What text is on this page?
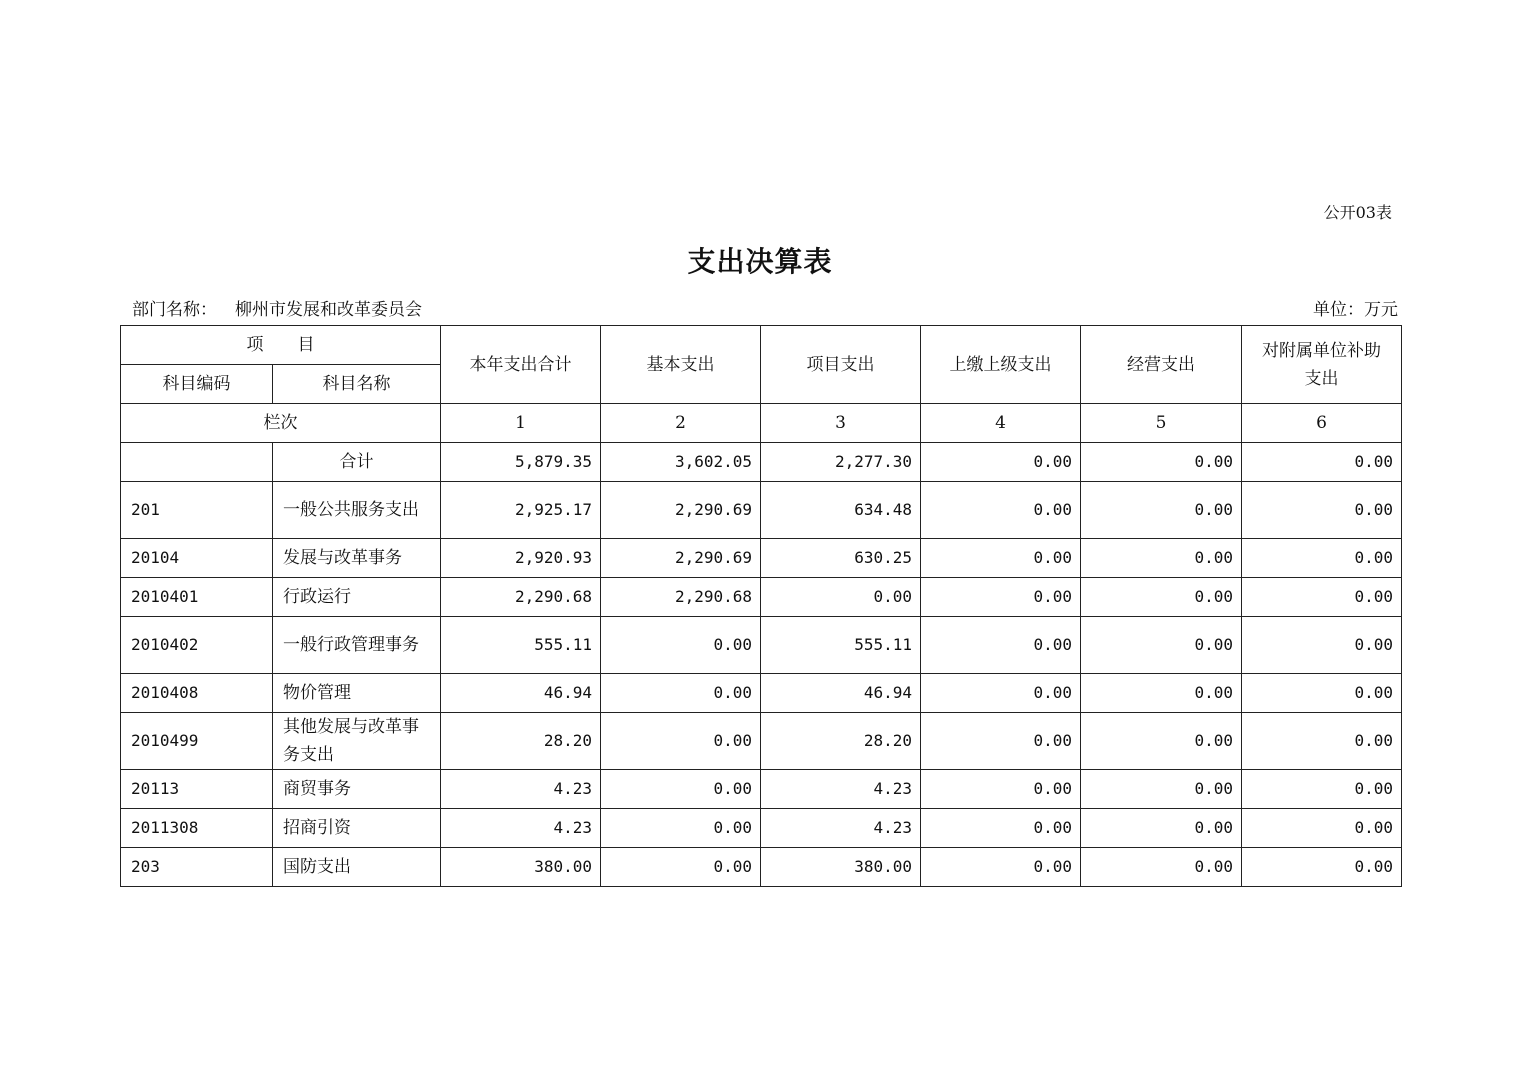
公开03表
支出决算表
部门名称： 柳州市发展和改革委员会	单位：万元
项　　目		本年支出合计	基本支出	项目支出	上缴上级支出	经营支出	对附属单位补助支出
科目编码	科目名称						
栏次		1	2	3	4	5	6
	合计	5,879.35	3,602.05	2,277.30	0.00	0.00	0.00
201	一般公共服务支出	2,925.17	2,290.69	634.48	0.00	0.00	0.00
20104	发展与改革事务	2,920.93	2,290.69	630.25	0.00	0.00	0.00
2010401	行政运行	2,290.68	2,290.68	0.00	0.00	0.00	0.00
2010402	一般行政管理事务	555.11	0.00	555.11	0.00	0.00	0.00
2010408	物价管理	46.94	0.00	46.94	0.00	0.00	0.00
2010499	其他发展与改革事务支出	28.20	0.00	28.20	0.00	0.00	0.00
20113	商贸事务	4.23	0.00	4.23	0.00	0.00	0.00
2011308	招商引资	4.23	0.00	4.23	0.00	0.00	0.00
203	国防支出	380.00	0.00	380.00	0.00	0.00	0.00
